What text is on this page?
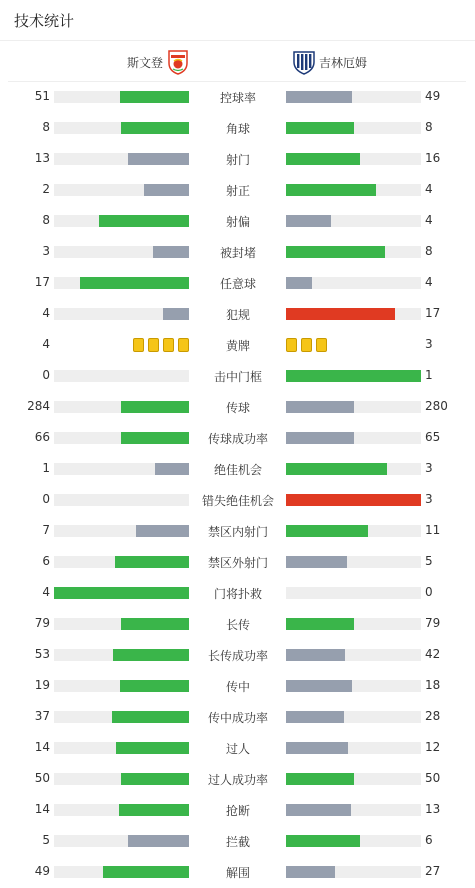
技术统计
斯文登	吉林厄姆
51	控球率	49
8	角球	8
13	射门	16
2	射正	4
8	射偏	4
3	被封堵	8
17	任意球	4
4	犯规	17
4	黄牌	3
0	击中门框	1
284	传球	280
66	传球成功率	65
1	绝佳机会	3
0	错失绝佳机会	3
7	禁区内射门	11
6	禁区外射门	5
4	门将扑救	0
79	长传	79
53	长传成功率	42
19	传中	18
37	传中成功率	28
14	过人	12
50	过人成功率	50
14	抢断	13
5	拦截	6
49	解围	27
